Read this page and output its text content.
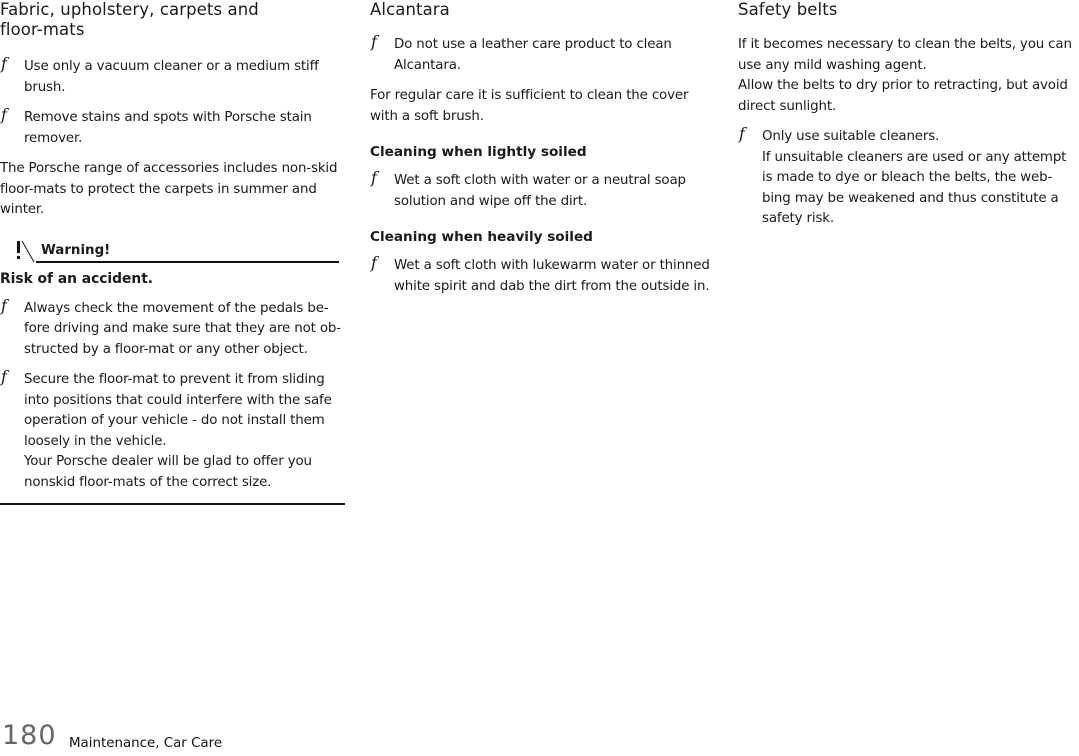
Fabric, upholstery, carpets and
floor-mats

f Use only a vacuum cleaner or a medium stiff brush.

f Remove stains and spots with Porsche stain remover.

The Porsche range of accessories includes non-skid floor-mats to protect the carpets in summer and winter.

Warning!

Risk of an accident.

f Always check the movement of the pedals be-fore driving and make sure that they are not ob-structed by a floor-mat or any other object.

f Secure the floor-mat to prevent it from sliding into positions that could interfere with the safe operation of your vehicle - do not install them loosely in the vehicle.
Your Porsche dealer will be glad to offer you nonskid floor-mats of the correct size.

Alcantara

f Do not use a leather care product to clean Alcantara.

For regular care it is sufficient to clean the cover with a soft brush.

Cleaning when lightly soiled

f Wet a soft cloth with water or a neutral soap solution and wipe off the dirt.

Cleaning when heavily soiled

f Wet a soft cloth with lukewarm water or thinned white spirit and dab the dirt from the outside in.

Safety belts

If it becomes necessary to clean the belts, you can use any mild washing agent.
Allow the belts to dry prior to retracting, but avoid direct sunlight.

f Only use suitable cleaners.
If unsuitable cleaners are used or any attempt is made to dye or bleach the belts, the web-bing may be weakened and thus constitute a safety risk.

180 Maintenance, Car Care
